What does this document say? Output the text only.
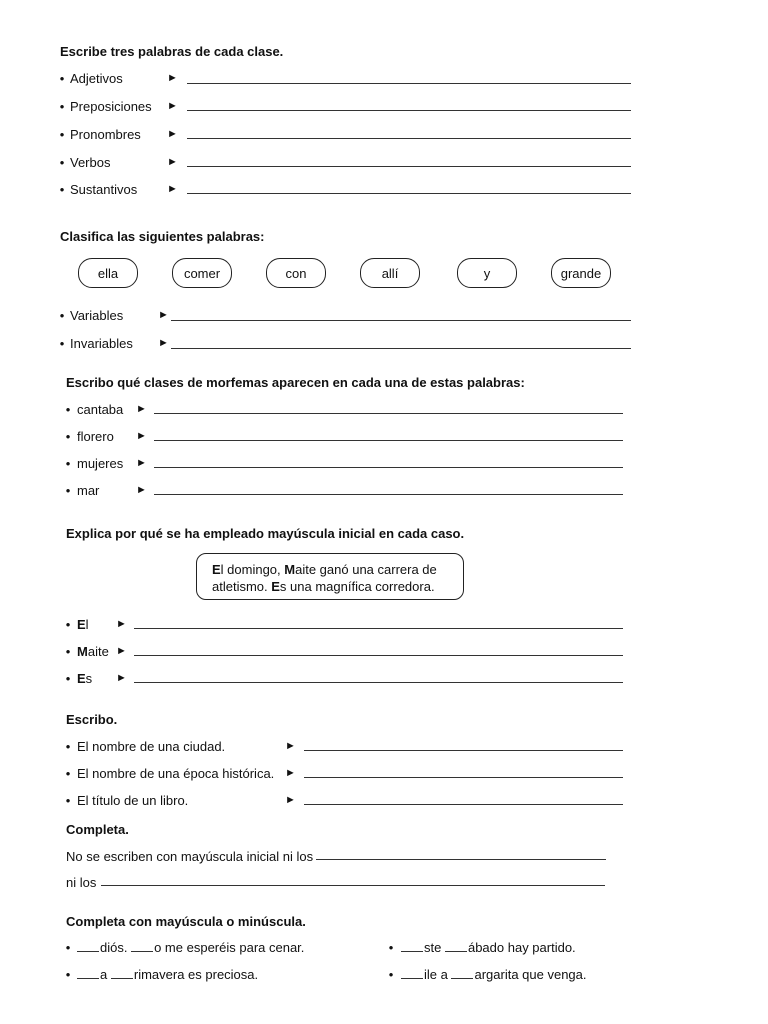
Escribe tres palabras de cada clase.
• Adjetivos	►
• Preposiciones ►
• Pronombres ►
• Verbos	►
• Sustantivos	►
Clasifica las siguientes palabras:
ella	comer	con	allí	y	grande
• Variables	►
• Invariables ►
Escribo qué clases de morfemas aparecen en cada una de estas palabras:
• cantaba ►
• florero ►
• mujeres ►
• mar	►
Explica por qué se ha empleado mayúscula inicial en cada caso.
El domingo, Maite ganó una carrera de
atletismo. Es una magnífica corredora.
• El ►
• Maite ►
• Es ►
Escribo.
• El nombre de una ciudad.	►
• El nombre de una época histórica. ►
• El título de un libro.	►
Completa.
No se escriben con mayúscula inicial ni los
ni los
Completa con mayúscula o minúscula.
•	diós. o me esperéis para cenar.
•	a rimavera es preciosa.
•	ste ábado hay partido.
•	ile a argarita que venga.
